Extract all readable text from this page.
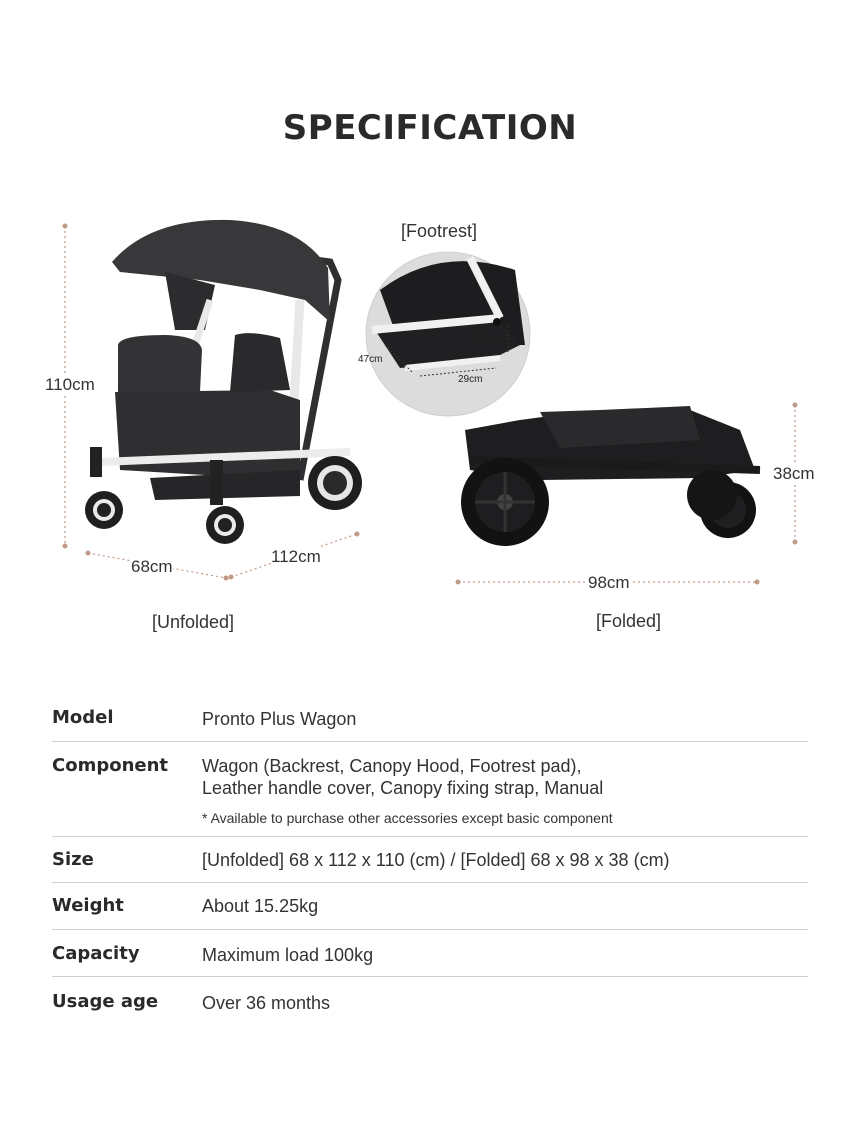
SPECIFICATION
110cm
68cm
112cm
98cm
38cm
29cm
47cm
12cm
[Footrest]
[Unfolded]	[Folded]
Model	Pronto Plus Wagon
Component	Wagon (Backrest, Canopy Hood, Footrest pad),
Leather handle cover, Canopy fixing strap, Manual
* Available to purchase other accessories except basic component
Size	[Unfolded] 68 x 112 x 110 (cm) / [Folded] 68 x 98 x 38 (cm)
Weight	About 15.25kg
Capacity	Maximum load 100kg
Usage age	Over 36 months
